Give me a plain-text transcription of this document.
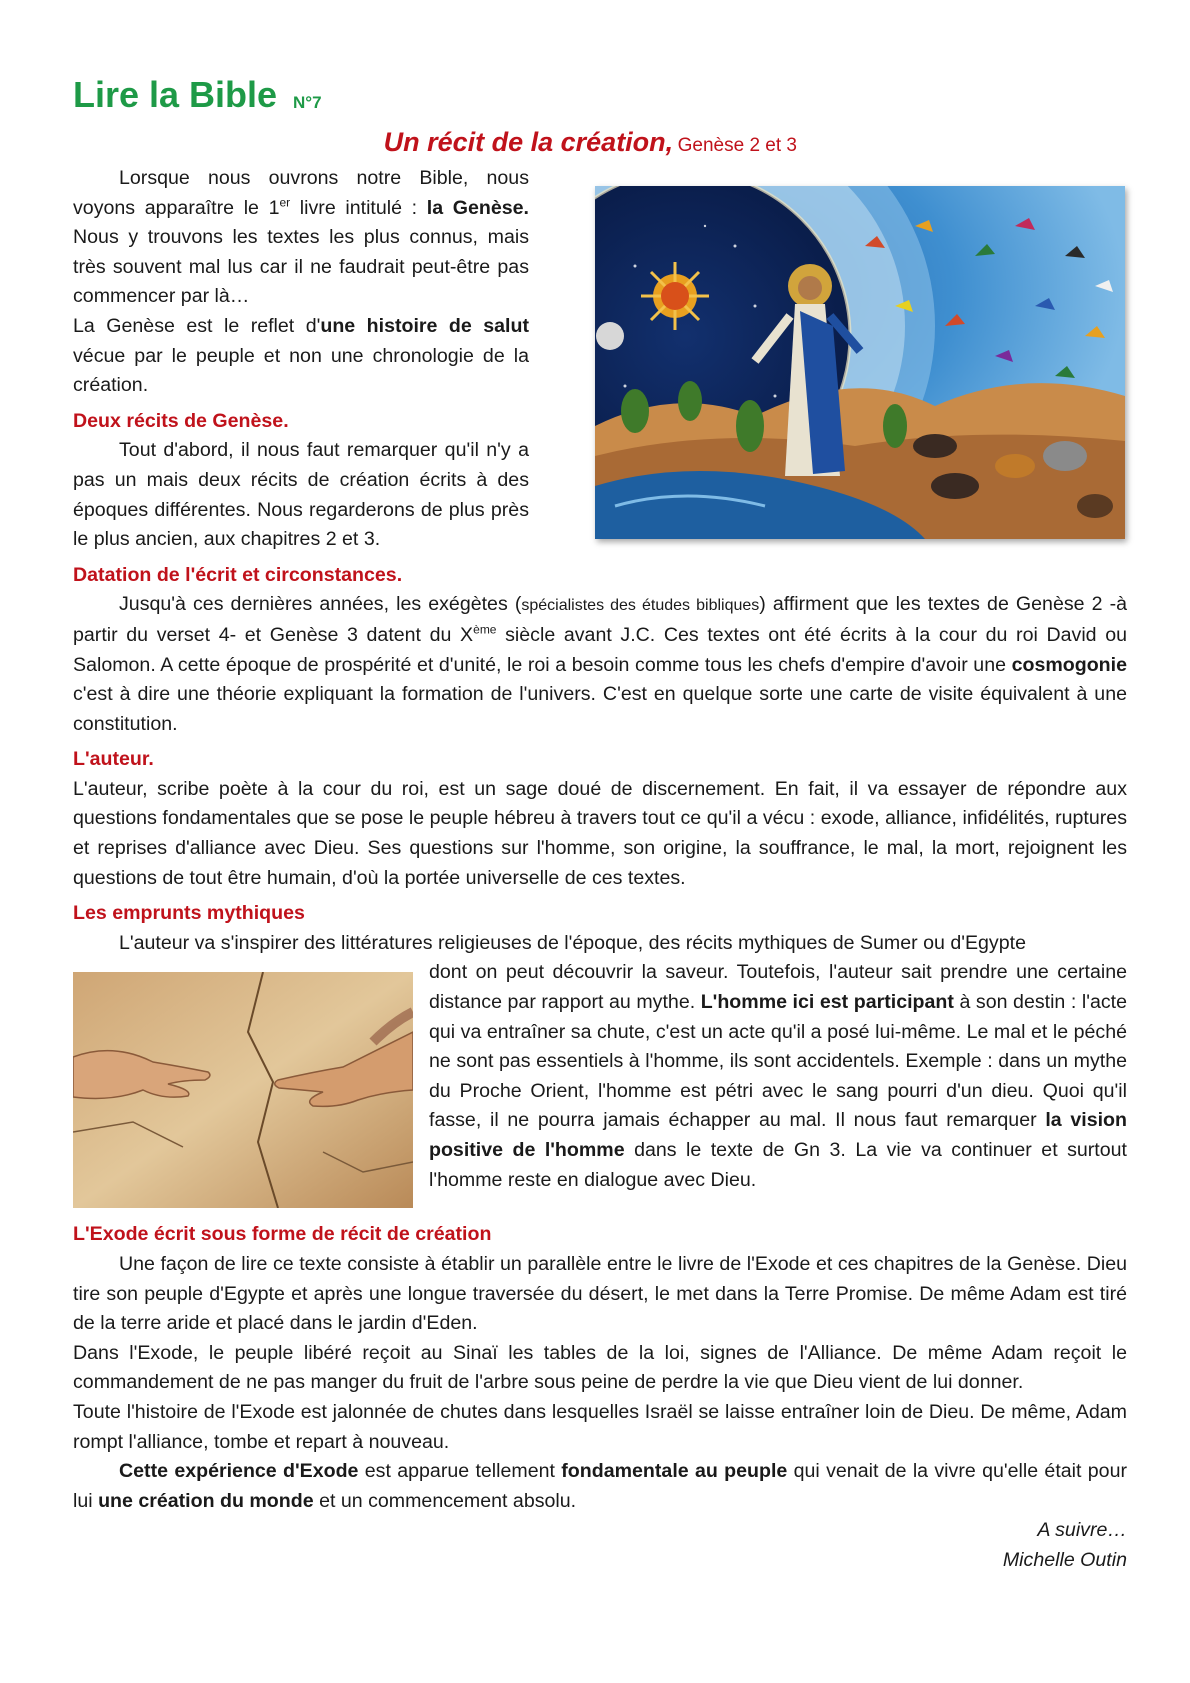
Lire la Bible N°7
Un récit de la création, Genèse 2 et 3

Lorsque nous ouvrons notre Bible, nous voyons apparaître le 1er livre intitulé : la Genèse. Nous y trouvons les textes les plus connus, mais très souvent mal lus car il ne faudrait peut-être pas commencer par là…

La Genèse est le reflet d'une histoire de salut vécue par le peuple et non une chronologie de la création.

Deux récits de Genèse.

Tout d'abord, il nous faut remarquer qu'il n'y a pas un mais deux récits de création écrits à des époques différentes. Nous regarderons de plus près le plus ancien, aux chapitres 2 et 3.

Datation de l'écrit et circonstances.

Jusqu'à ces dernières années, les exégètes (spécialistes des études bibliques) affirment que les textes de Genèse 2 -à partir du verset 4- et Genèse 3 datent du Xème siècle avant J.C. Ces textes ont été écrits à la cour du roi David ou Salomon. A cette époque de prospérité et d'unité, le roi a besoin comme tous les chefs d'empire d'avoir une cosmogonie c'est à dire une théorie expliquant la formation de l'univers. C'est en quelque sorte une carte de visite équivalent à une constitution.

L'auteur.

L'auteur, scribe poète à la cour du roi, est un sage doué de discernement. En fait, il va essayer de répondre aux questions fondamentales que se pose le peuple hébreu à travers tout ce qu'il a vécu : exode, alliance, infidélités, ruptures et reprises d'alliance avec Dieu. Ses questions sur l'homme, son origine, la souffrance, le mal, la mort, rejoignent les questions de tout être humain, d'où la portée universelle de ces textes.

Les emprunts mythiques

L'auteur va s'inspirer des littératures religieuses de l'époque, des récits mythiques de Sumer ou d'Egypte

dont on peut découvrir la saveur. Toutefois, l'auteur sait prendre une certaine distance par rapport au mythe. L'homme ici est participant à son destin : l'acte qui va entraîner sa chute, c'est un acte qu'il a posé lui-même. Le mal et le péché ne sont pas essentiels à l'homme, ils sont accidentels. Exemple : dans un mythe du Proche Orient, l'homme est pétri avec le sang pourri d'un dieu. Quoi qu'il fasse, il ne pourra jamais échapper au mal. Il nous faut remarquer la vision positive de l'homme dans le texte de Gn 3. La vie va continuer et surtout l'homme reste en dialogue avec Dieu.

L'Exode écrit sous forme de récit de création

Une façon de lire ce texte consiste à établir un parallèle entre le livre de l'Exode et ces chapitres de la Genèse. Dieu tire son peuple d'Egypte et après une longue traversée du désert, le met dans la Terre Promise. De même Adam est tiré de la terre aride et placé dans le jardin d'Eden.

Dans l'Exode, le peuple libéré reçoit au Sinaï les tables de la loi, signes de l'Alliance. De même Adam reçoit le commandement de ne pas manger du fruit de l'arbre sous peine de perdre la vie que Dieu vient de lui donner.

Toute l'histoire de l'Exode est jalonnée de chutes dans lesquelles Israël se laisse entraîner loin de Dieu. De même, Adam rompt l'alliance, tombe et repart à nouveau.

Cette expérience d'Exode est apparue tellement fondamentale au peuple qui venait de la vivre qu'elle était pour lui une création du monde et un commencement absolu.

A suivre…
Michelle Outin
